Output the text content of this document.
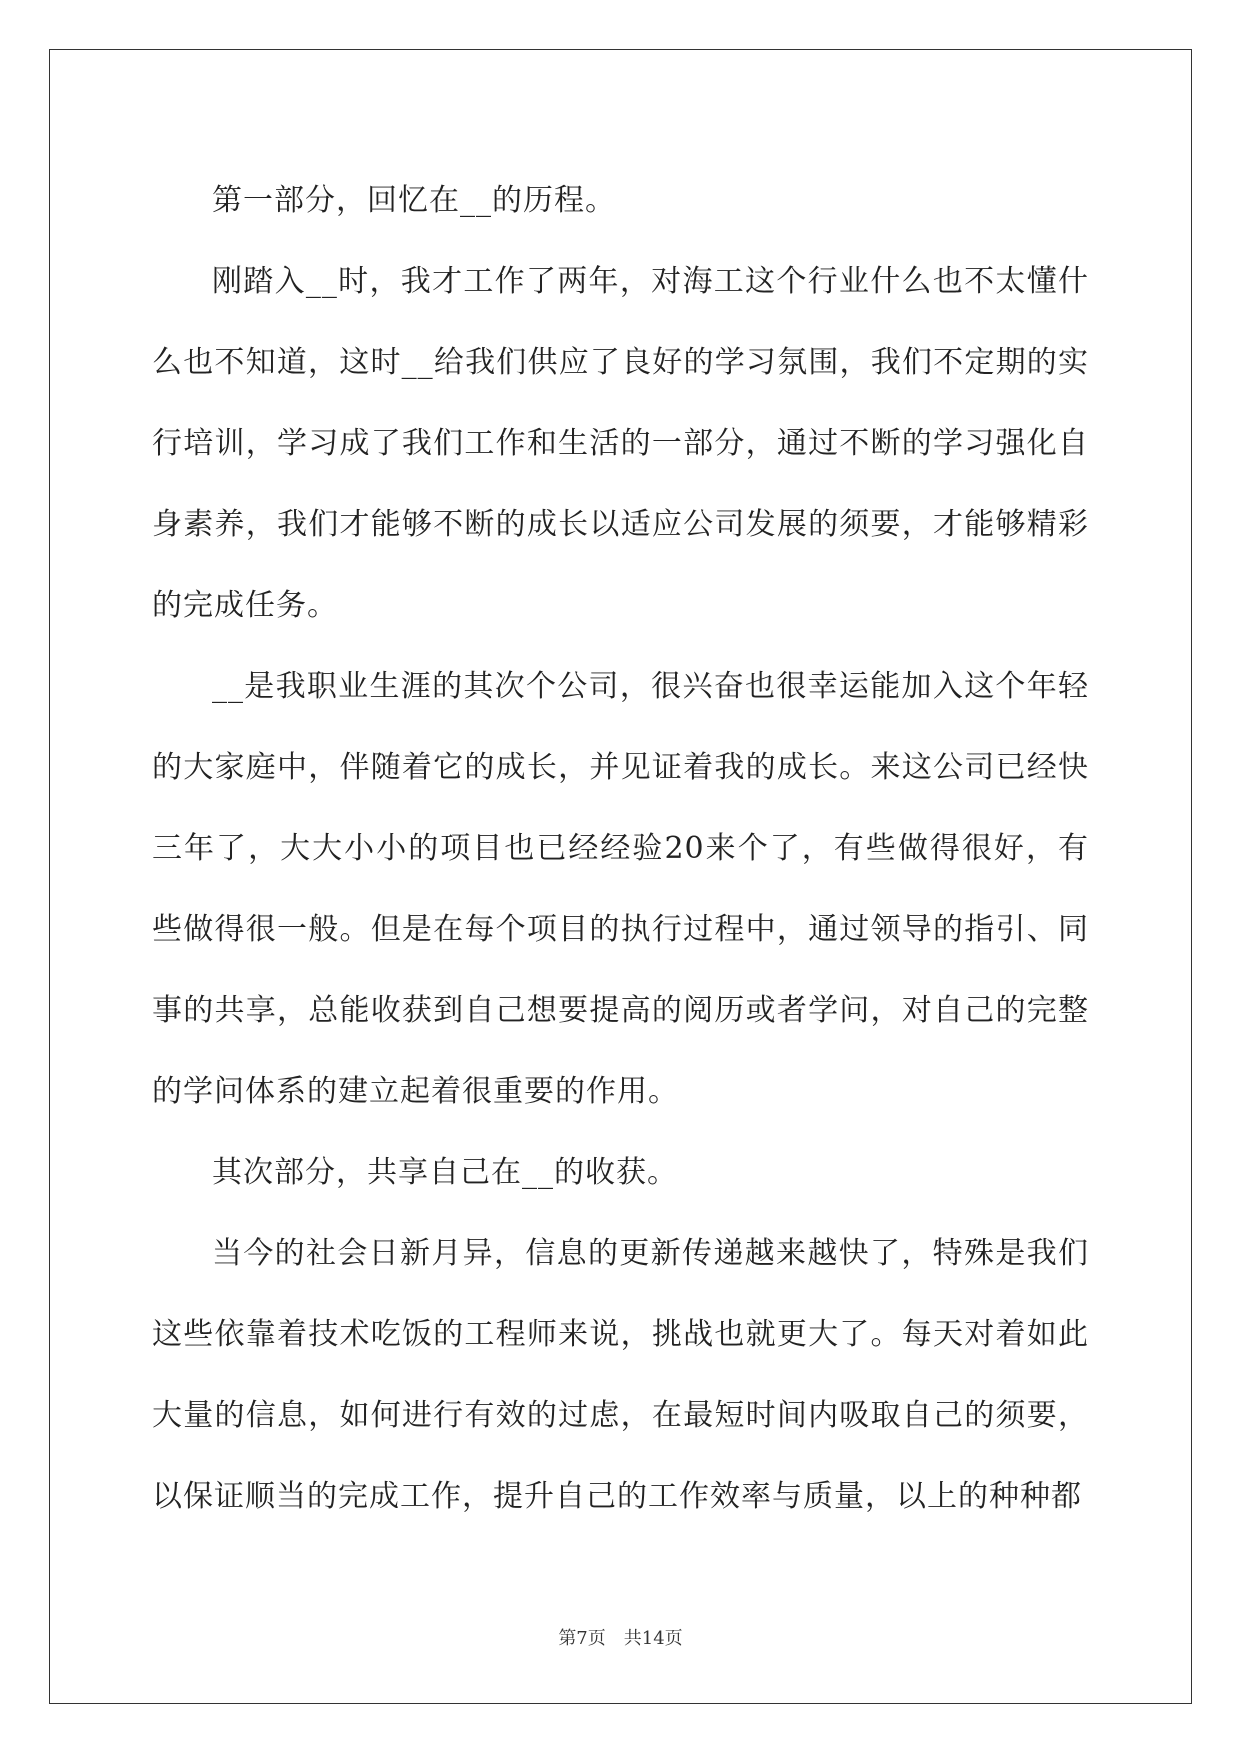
第一部分，回忆在__的历程。

刚踏入__时，我才工作了两年，对海工这个行业什么也不太懂什么也不知道，这时__给我们供应了良好的学习氛围，我们不定期的实行培训，学习成了我们工作和生活的一部分，通过不断的学习强化自身素养，我们才能够不断的成长以适应公司发展的须要，才能够精彩的完成任务。

__是我职业生涯的其次个公司，很兴奋也很幸运能加入这个年轻的大家庭中，伴随着它的成长，并见证着我的成长。来这公司已经快三年了，大大小小的项目也已经经验20来个了，有些做得很好，有些做得很一般。但是在每个项目的执行过程中，通过领导的指引、同事的共享，总能收获到自己想要提高的阅历或者学问，对自己的完整的学问体系的建立起着很重要的作用。

其次部分，共享自己在__的收获。

当今的社会日新月异，信息的更新传递越来越快了，特殊是我们这些依靠着技术吃饭的工程师来说，挑战也就更大了。每天对着如此大量的信息，如何进行有效的过虑，在最短时间内吸取自己的须要，以保证顺当的完成工作，提升自己的工作效率与质量，以上的种种都

第7页　共14页
